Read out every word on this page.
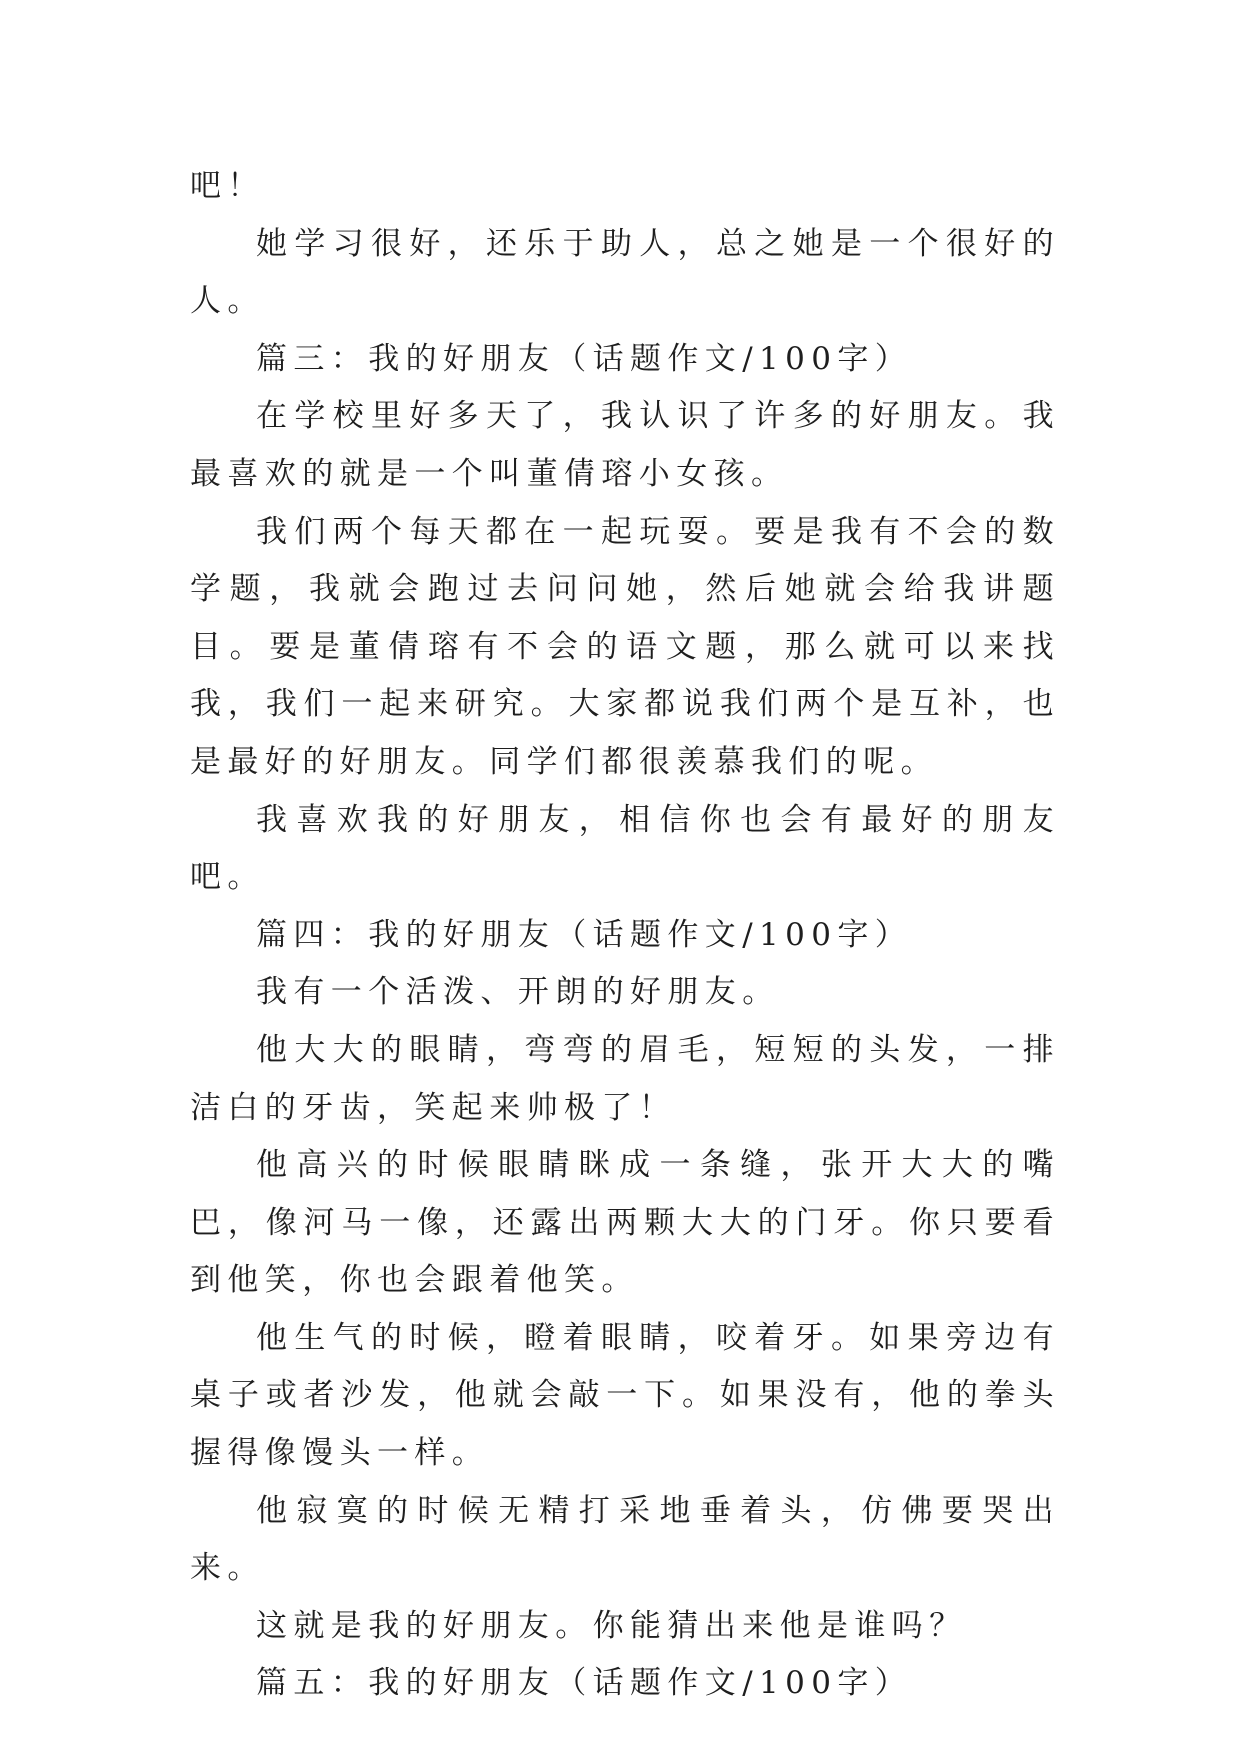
吧！

她学习很好，还乐于助人，总之她是一个很好的人。

篇三：我的好朋友（话题作文/100字）

在学校里好多天了，我认识了许多的好朋友。我最喜欢的就是一个叫董倩瑢小女孩。

我们两个每天都在一起玩耍。要是我有不会的数学题，我就会跑过去问问她，然后她就会给我讲题目。要是董倩瑢有不会的语文题，那么就可以来找我，我们一起来研究。大家都说我们两个是互补，也是最好的好朋友。同学们都很羡慕我们的呢。

我喜欢我的好朋友，相信你也会有最好的朋友吧。

篇四：我的好朋友（话题作文/100字）

我有一个活泼、开朗的好朋友。

他大大的眼睛，弯弯的眉毛，短短的头发，一排洁白的牙齿，笑起来帅极了！

他高兴的时候眼睛眯成一条缝，张开大大的嘴巴，像河马一像，还露出两颗大大的门牙。你只要看到他笑，你也会跟着他笑。

他生气的时候，瞪着眼睛，咬着牙。如果旁边有桌子或者沙发，他就会敲一下。如果没有，他的拳头握得像馒头一样。

他寂寞的时候无精打采地垂着头，仿佛要哭出来。

这就是我的好朋友。你能猜出来他是谁吗？

篇五：我的好朋友（话题作文/100字）
